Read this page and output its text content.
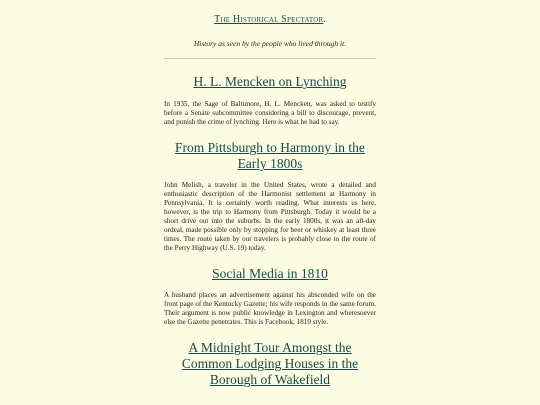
The Historical Spectator.
History as seen by the people who lived through it.
H. L. Mencken on Lynching
In 1935, the Sage of Baltimore, H. L. Mencken, was asked to testify before a Senate subcommittee considering a bill to discourage, prevent, and punish the crime of lynching. Here is what he had to say.
From Pittsburgh to Harmony in the Early 1800s
John Melish, a traveler in the United States, wrote a detailed and enthusiastic description of the Harmonist settlement at Harmony in Pennsylvania. It is certainly worth reading. What interests us here, however, is the trip to Harmony from Pittsburgh. Today it would be a short drive out into the suburbs. In the early 1800s, it was an all-day ordeal, made possible only by stopping for beer or whiskey at least three times. The route taken by our travelers is probably close to the route of the Perry Highway (U.S. 19) today.
Social Media in 1810
A husband places an advertisement against his absconded wife on the front page of the Kentucky Gazette; his wife responds in the same forum. Their argument is now public knowledge in Lexington and wheresoever else the Gazette penetrates. This is Facebook, 1810 style.
A Midnight Tour Amongst the Common Lodging Houses in the Borough of Wakefield
